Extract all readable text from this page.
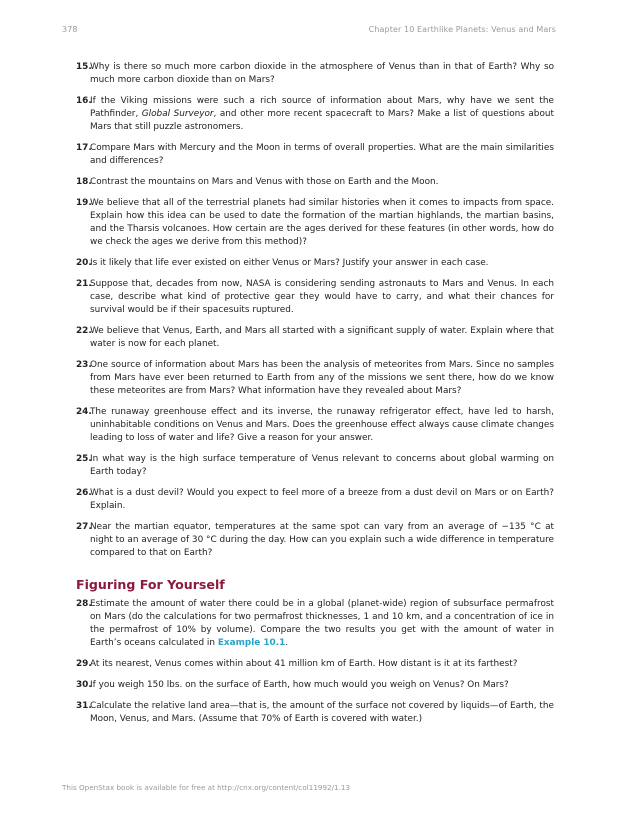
378	Chapter 10 Earthlike Planets: Venus and Mars
15.
Why is there so much more carbon dioxide in the atmosphere of Venus than in that of Earth? Why so much more carbon dioxide than on Mars?
16.
If the Viking missions were such a rich source of information about Mars, why have we sent the Pathfinder, Global Surveyor, and other more recent spacecraft to Mars? Make a list of questions about Mars that still puzzle astronomers.
17.
Compare Mars with Mercury and the Moon in terms of overall properties. What are the main similarities and differences?
18.
Contrast the mountains on Mars and Venus with those on Earth and the Moon.
19.
We believe that all of the terrestrial planets had similar histories when it comes to impacts from space. Explain how this idea can be used to date the formation of the martian highlands, the martian basins, and the Tharsis volcanoes. How certain are the ages derived for these features (in other words, how do we check the ages we derive from this method)?
20.
Is it likely that life ever existed on either Venus or Mars? Justify your answer in each case.
21.
Suppose that, decades from now, NASA is considering sending astronauts to Mars and Venus. In each case, describe what kind of protective gear they would have to carry, and what their chances for survival would be if their spacesuits ruptured.
22.
We believe that Venus, Earth, and Mars all started with a significant supply of water. Explain where that water is now for each planet.
23.
One source of information about Mars has been the analysis of meteorites from Mars. Since no samples from Mars have ever been returned to Earth from any of the missions we sent there, how do we know these meteorites are from Mars? What information have they revealed about Mars?
24.
The runaway greenhouse effect and its inverse, the runaway refrigerator effect, have led to harsh, uninhabitable conditions on Venus and Mars. Does the greenhouse effect always cause climate changes leading to loss of water and life? Give a reason for your answer.
25.
In what way is the high surface temperature of Venus relevant to concerns about global warming on Earth today?
26.
What is a dust devil? Would you expect to feel more of a breeze from a dust devil on Mars or on Earth? Explain.
27.
Near the martian equator, temperatures at the same spot can vary from an average of −135 °C at night to an average of 30 °C during the day. How can you explain such a wide difference in temperature compared to that on Earth?
Figuring For Yourself
28.
Estimate the amount of water there could be in a global (planet-wide) region of subsurface permafrost on Mars (do the calculations for two permafrost thicknesses, 1 and 10 km, and a concentration of ice in the permafrost of 10% by volume). Compare the two results you get with the amount of water in Earth’s oceans calculated in Example 10.1.
29.
At its nearest, Venus comes within about 41 million km of Earth. How distant is it at its farthest?
30.
If you weigh 150 lbs. on the surface of Earth, how much would you weigh on Venus? On Mars?
31.
Calculate the relative land area—that is, the amount of the surface not covered by liquids—of Earth, the Moon, Venus, and Mars. (Assume that 70% of Earth is covered with water.)
This OpenStax book is available for free at http://cnx.org/content/col11992/1.13
